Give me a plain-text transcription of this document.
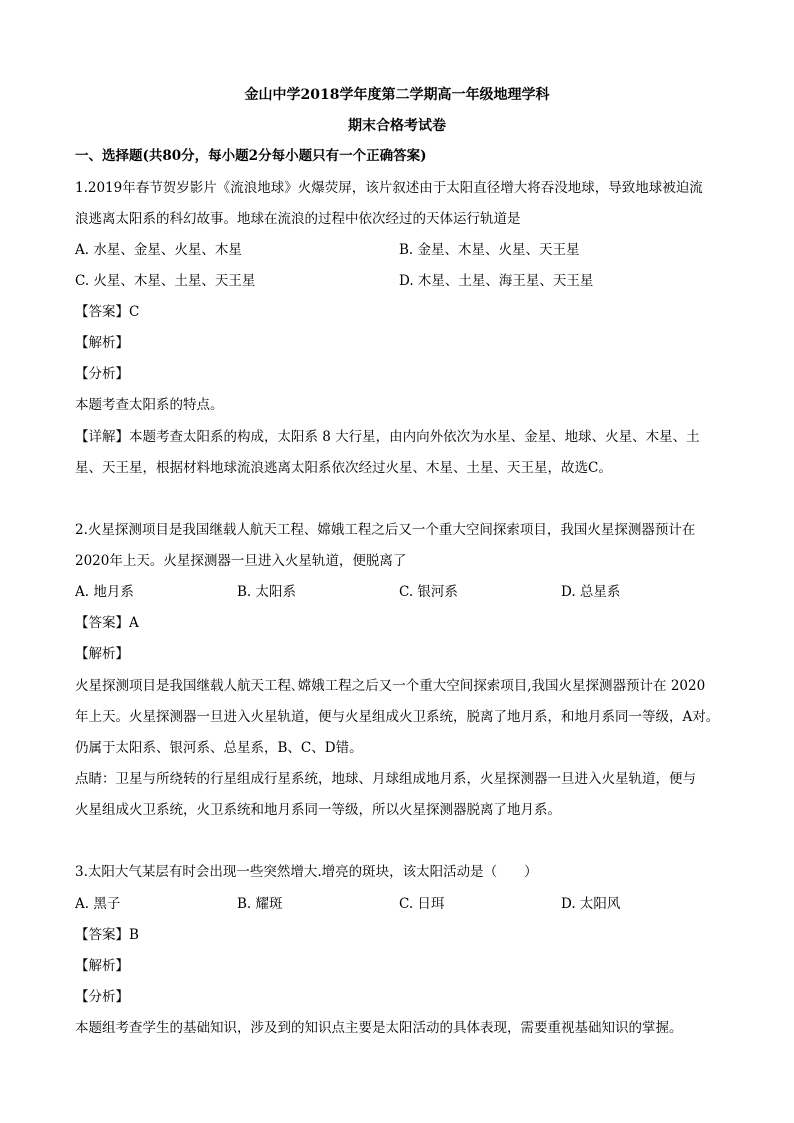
金山中学2018学年度第二学期高一年级地理学科
期末合格考试卷
一、选择题(共80分，每小题2分每小题只有一个正确答案)
1.2019年春节贺岁影片《流浪地球》火爆荧屏，该片叙述由于太阳直径增大将吞没地球，导致地球被迫流
浪逃离太阳系的科幻故事。地球在流浪的过程中依次经过的天体运行轨道是
A. 水星、金星、火星、木星	B. 金星、木星、火星、天王星
C. 火星、木星、土星、天王星	D. 木星、土星、海王星、天王星
【答案】C
【解析】
【分析】
本题考查太阳系的特点。
【详解】本题考查太阳系的构成，太阳系 8 大行星，由内向外依次为水星、金星、地球、火星、木星、土
星、天王星，根据材料地球流浪逃离太阳系依次经过火星、木星、土星、天王星，故选C。
2.火星探测项目是我国继载人航天工程、嫦娥工程之后又一个重大空间探索项目，我国火星探测器预计在
2020年上天。火星探测器一旦进入火星轨道，便脱离了
A. 地月系	B. 太阳系	C. 银河系	D. 总星系
【答案】A
【解析】
火星探测项目是我国继载人航天工程､嫦娥工程之后又一个重大空间探索项目,我国火星探测器预计在 2020
年上天。火星探测器一旦进入火星轨道，便与火星组成火卫系统，脱离了地月系，和地月系同一等级，A对。
仍属于太阳系、银河系、总星系，B、C、D错。
点睛：卫星与所绕转的行星组成行星系统，地球、月球组成地月系，火星探测器一旦进入火星轨道，便与
火星组成火卫系统，火卫系统和地月系同一等级，所以火星探测器脱离了地月系。
3.太阳大气某层有时会出现一些突然增大.增亮的斑块，该太阳活动是（　　）
A. 黑子	B. 耀斑	C. 日珥	D. 太阳风
【答案】B
【解析】
【分析】
本题组考查学生的基础知识，涉及到的知识点主要是太阳活动的具体表现，需要重视基础知识的掌握。
